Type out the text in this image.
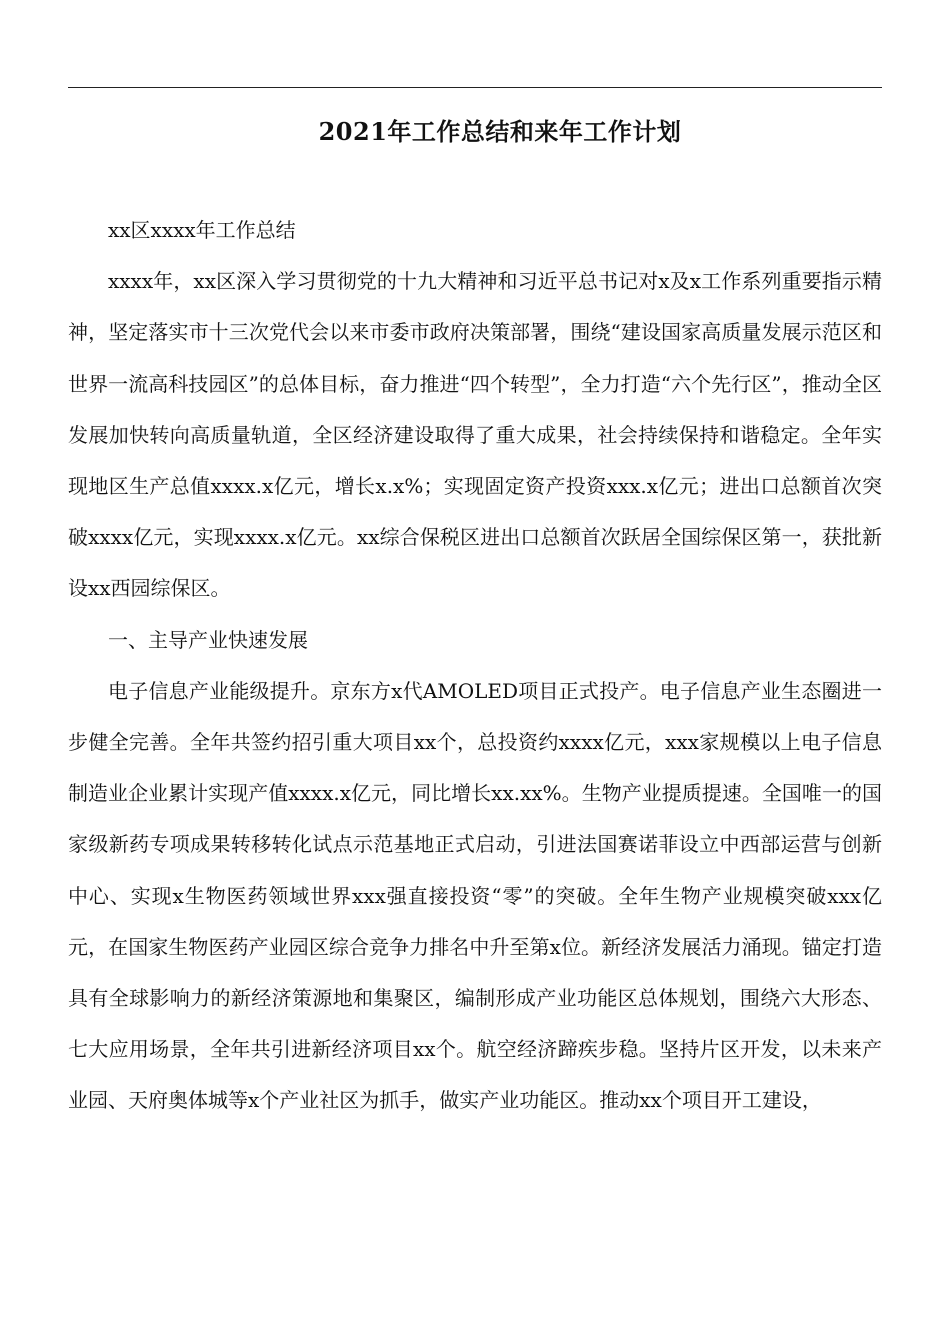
2021年工作总结和来年工作计划

xx区xxxx年工作总结

xxxx年，xx区深入学习贯彻党的十九大精神和习近平总书记对x及x工作系列重要指示精神，坚定落实市十三次党代会以来市委市政府决策部署，围绕“建设国家高质量发展示范区和世界一流高科技园区”的总体目标，奋力推进“四个转型”，全力打造“六个先行区”，推动全区发展加快转向高质量轨道，全区经济建设取得了重大成果，社会持续保持和谐稳定。全年实现地区生产总值xxxx.x亿元，增长x.x%；实现固定资产投资xxx.x亿元；进出口总额首次突破xxxx亿元，实现xxxx.x亿元。xx综合保税区进出口总额首次跃居全国综保区第一，获批新设xx西园综保区。

一、主导产业快速发展

电子信息产业能级提升。京东方x代AMOLED项目正式投产。电子信息产业生态圈进一步健全完善。全年共签约招引重大项目xx个，总投资约xxxx亿元，xxx家规模以上电子信息制造业企业累计实现产值xxxx.x亿元，同比增长xx.xx%。生物产业提质提速。全国唯一的国家级新药专项成果转移转化试点示范基地正式启动，引进法国赛诺菲设立中西部运营与创新中心、实现x生物医药领域世界xxx强直接投资“零”的突破。全年生物产业规模突破xxx亿元，在国家生物医药产业园区综合竞争力排名中升至第x位。新经济发展活力涌现。锚定打造具有全球影响力的新经济策源地和集聚区，编制形成产业功能区总体规划，围绕六大形态、七大应用场景，全年共引进新经济项目xx个。航空经济蹄疾步稳。坚持片区开发，以未来产业园、天府奥体城等x个产业社区为抓手，做实产业功能区。推动xx个项目开工建设，
